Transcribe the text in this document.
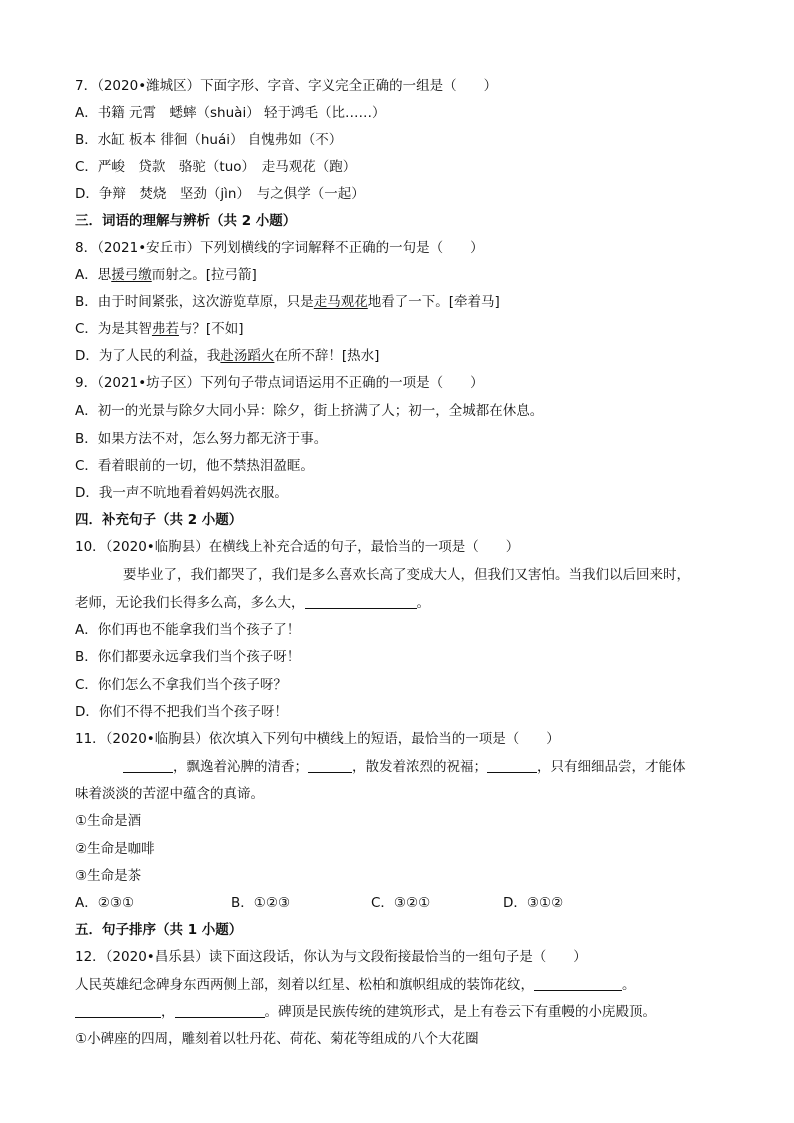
7．（2020•潍城区）下面字形、字音、字义完全正确的一组是（　　）
A．书籍 元霄　蟋蟀（shuài） 轻于鸿毛（比……）
B．水缸 板本 徘徊（huái） 自愧弗如（不）
C．严峻　贷款　骆驼（tuo）　走马观花（跑）
D．争辩　焚烧　坚劲（jìn）　与之俱学（一起）
三．词语的理解与辨析（共 2 小题）
8．（2021•安丘市）下列划横线的字词解释不正确的一句是（　　）
A．思援弓缴而射之。[拉弓箭]
B．由于时间紧张，这次游览草原，只是走马观花地看了一下。[牵着马]
C．为是其智弗若与？[不如]
D．为了人民的利益，我赴汤蹈火在所不辞！[热水]
9．（2021•坊子区）下列句子带点词语运用不正确的一项是（　　）
A．初一的光景与除夕大同小异：除夕，街上挤满了人；初一，全城都在休息。
B．如果方法不对，怎么努力都无济于事。
C．看着眼前的一切，他不禁热泪盈眶。
D．我一声不吭地看着妈妈洗衣服。
四．补充句子（共 2 小题）
10．（2020•临朐县）在横线上补充合适的句子，最恰当的一项是（　　）
要毕业了，我们都哭了，我们是多么喜欢长高了变成大人，但我们又害怕。当我们以后回来时，
老师，无论我们长得多么高，多么大，	。
A．你们再也不能拿我们当个孩子了！
B．你们都要永远拿我们当个孩子呀！
C．你们怎么不拿我们当个孩子呀？
D．你们不得不把我们当个孩子呀！
11．（2020•临朐县）依次填入下列句中横线上的短语，最恰当的一项是（　　）
，飘逸着沁脾的清香；	，散发着浓烈的祝福；	，只有细细品尝，才能体
味着淡淡的苦涩中蕴含的真谛。
①生命是酒
②生命是咖啡
③生命是茶
A．②③①	B．①②③	C．③②①	D．③①②
五．句子排序（共 1 小题）
12．（2020•昌乐县）读下面这段话，你认为与文段衔接最恰当的一组句子是（　　）
人民英雄纪念碑身东西两侧上部，刻着以红星、松柏和旗帜组成的装饰花纹，	。
，	。碑顶是民族传统的建筑形式，是上有卷云下有重幔的小庑殿顶。
①小碑座的四周，雕刻着以牡丹花、荷花、菊花等组成的八个大花圈
